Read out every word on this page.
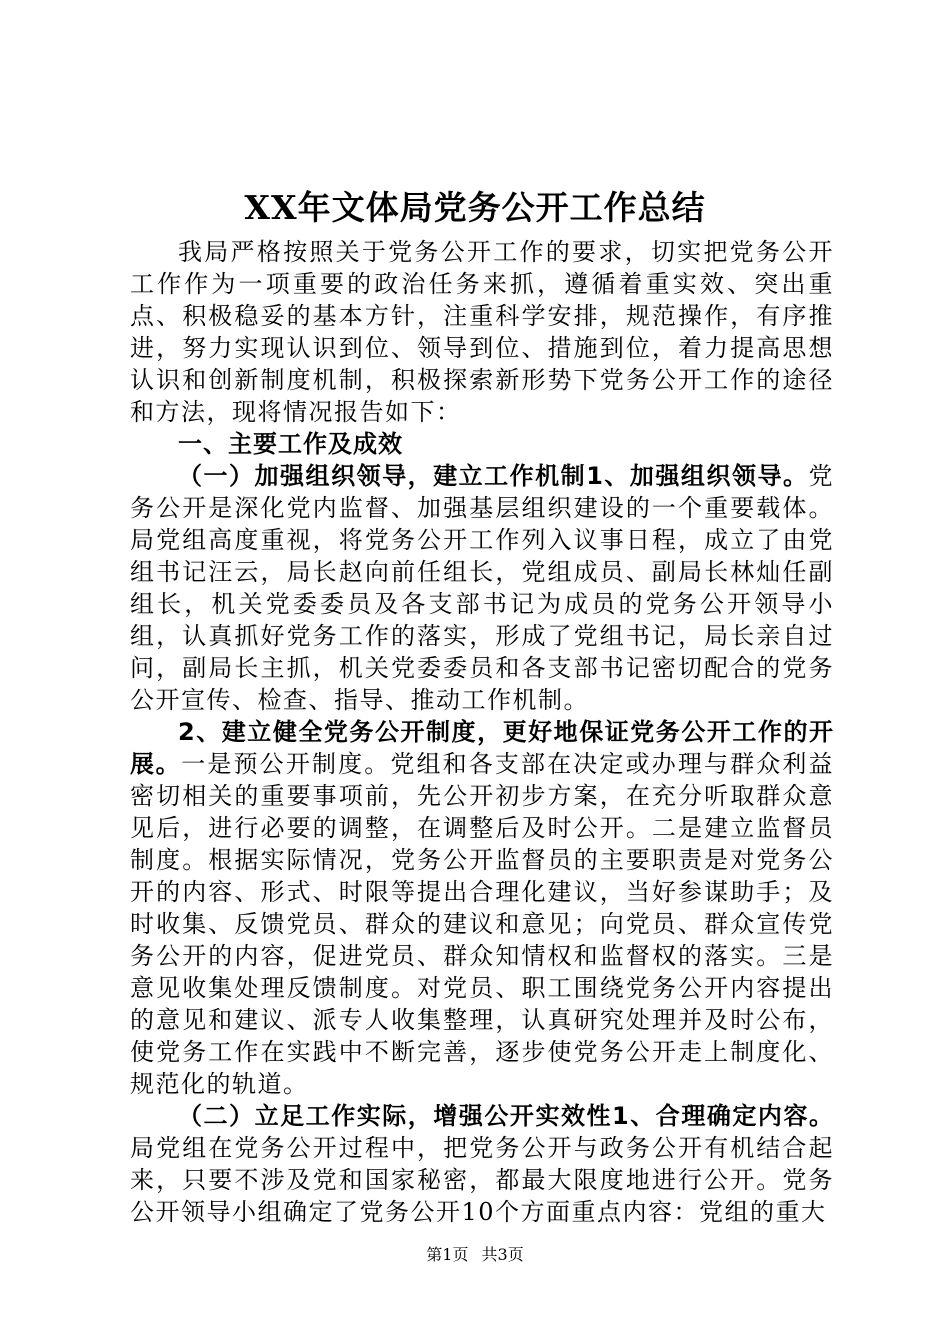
XX年文体局党务公开工作总结

我局严格按照关于党务公开工作的要求，切实把党务公开工作作为一项重要的政治任务来抓，遵循着重实效、突出重点、积极稳妥的基本方针，注重科学安排，规范操作，有序推进，努力实现认识到位、领导到位、措施到位，着力提高思想认识和创新制度机制，积极探索新形势下党务公开工作的途径和方法，现将情况报告如下：

一、主要工作及成效

（一）加强组织领导，建立工作机制1、加强组织领导。党务公开是深化党内监督、加强基层组织建设的一个重要载体。局党组高度重视，将党务公开工作列入议事日程，成立了由党组书记汪云，局长赵向前任组长，党组成员、副局长林灿任副组长，机关党委委员及各支部书记为成员的党务公开领导小组，认真抓好党务工作的落实，形成了党组书记，局长亲自过问，副局长主抓，机关党委委员和各支部书记密切配合的党务公开宣传、检查、指导、推动工作机制。

2、建立健全党务公开制度，更好地保证党务公开工作的开展。一是预公开制度。党组和各支部在决定或办理与群众利益密切相关的重要事项前，先公开初步方案，在充分听取群众意见后，进行必要的调整，在调整后及时公开。二是建立监督员制度。根据实际情况，党务公开监督员的主要职责是对党务公开的内容、形式、时限等提出合理化建议，当好参谋助手；及时收集、反馈党员、群众的建议和意见；向党员、群众宣传党务公开的内容，促进党员、群众知情权和监督权的落实。三是意见收集处理反馈制度。对党员、职工围绕党务公开内容提出的意见和建议、派专人收集整理，认真研究处理并及时公布，使党务工作在实践中不断完善，逐步使党务公开走上制度化、规范化的轨道。

（二）立足工作实际，增强公开实效性1、合理确定内容。局党组在党务公开过程中，把党务公开与政务公开有机结合起来，只要不涉及党和国家秘密，都最大限度地进行公开。党务公开领导小组确定了党务公开10个方面重点内容：党组的重大

第1页 共3页
